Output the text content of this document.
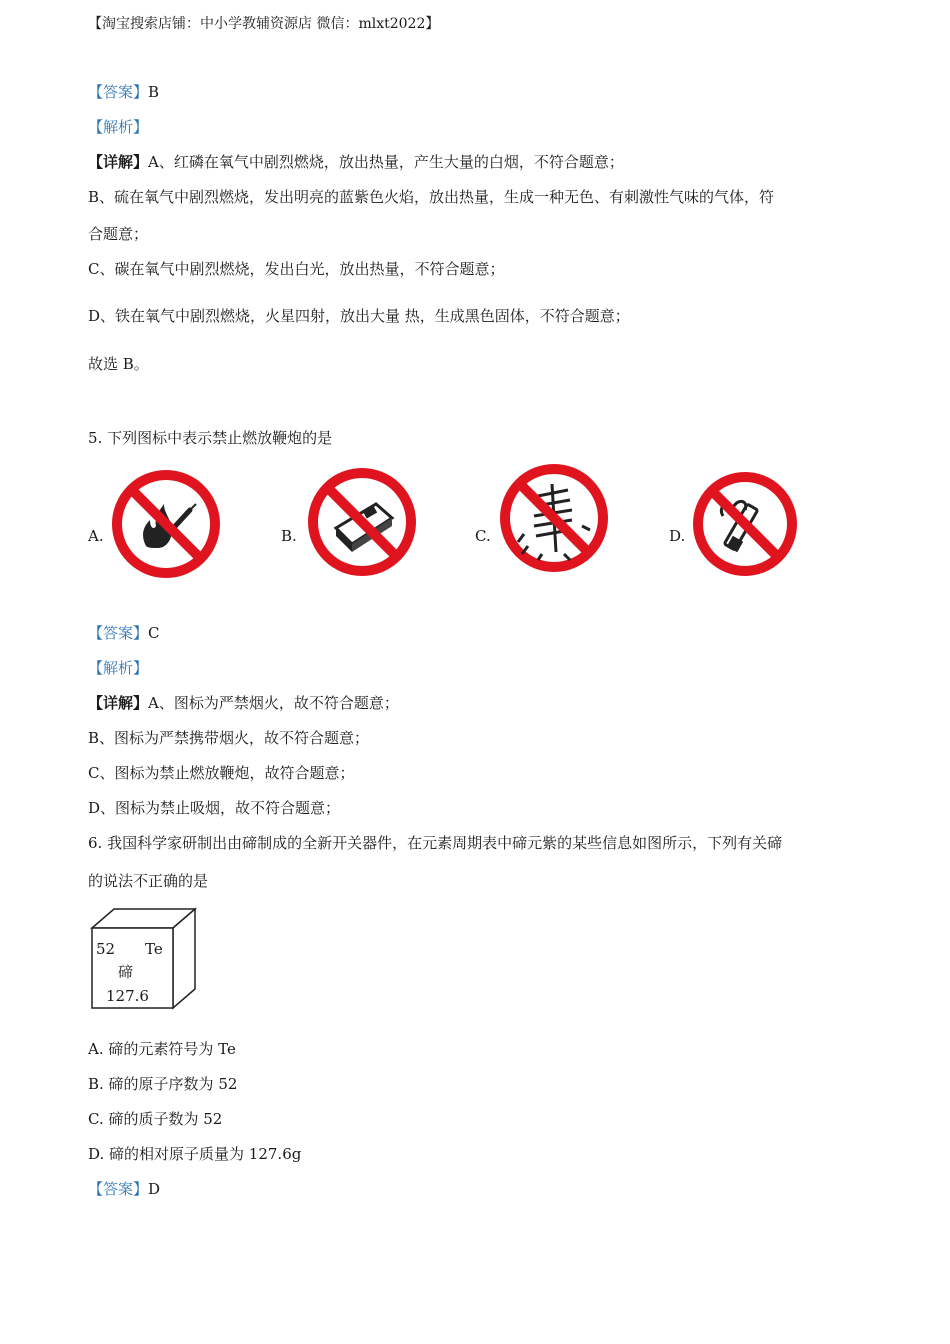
【淘宝搜索店铺：中小学教辅资源店 微信：mlxt2022】
【答案】B
【解析】
【详解】A、红磷在氧气中剧烈燃烧，放出热量，产生大量的白烟，不符合题意；
B、硫在氧气中剧烈燃烧，发出明亮的蓝紫色火焰，放出热量，生成一种无色、有刺激性气味的气体，符
合题意；
C、碳在氧气中剧烈燃烧，发出白光，放出热量，不符合题意；
D、铁在氧气中剧烈燃烧，火星四射，放出大量 热，生成黑色固体，不符合题意；
故选 B。
5. 下列图标中表示禁止燃放鞭炮的是
A.	B.	C.	D.
【答案】C
【解析】
【详解】A、图标为严禁烟火，故不符合题意；
B、图标为严禁携带烟火，故不符合题意；
C、图标为禁止燃放鞭炮，故符合题意；
D、图标为禁止吸烟，故不符合题意；
6. 我国科学家研制出由碲制成的全新开关器件，在元素周期表中碲元紫的某些信息如图所示，下列有关碲
的说法不正确的是
52 Te
碲
127.6
A. 碲的元素符号为 Te
B. 碲的原子序数为 52
C. 碲的质子数为 52
D. 碲的相对原子质量为 127.6g
【答案】D
